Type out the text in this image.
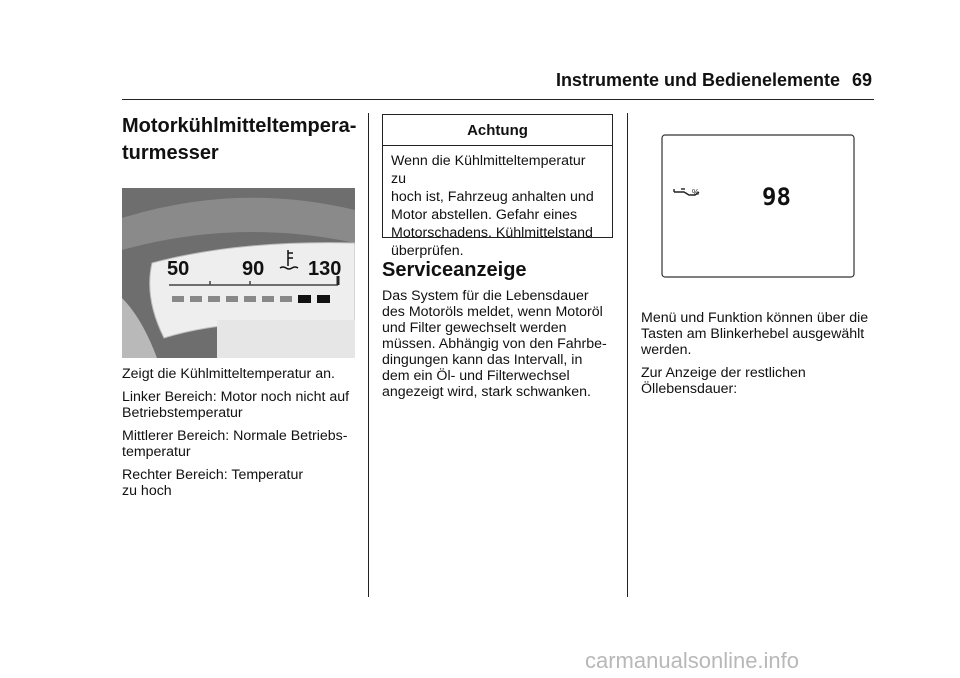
Instrumente und Bedienelemente 69
Motorkühlmitteltempera-
turmesser
50	90 130

Zeigt die Kühlmitteltemperatur an.

Linker Bereich: Motor noch nicht auf
Betriebstemperatur

Mittlerer Bereich: Normale Betriebs-
temperatur

Rechter Bereich: Temperatur
zu hoch

Achtung
Wenn die Kühlmitteltemperatur zu
hoch ist, Fahrzeug anhalten und
Motor abstellen. Gefahr eines
Motorschadens. Kühlmittelstand
überprüfen.
Serviceanzeige
Das System für die Lebensdauer
des Motoröls meldet, wenn Motoröl
und Filter gewechselt werden
müssen. Abhängig von den Fahrbe-
dingungen kann das Intervall, in
dem ein Öl- und Filterwechsel
angezeigt wird, stark schwanken.
%	98

Menü und Funktion können über die
Tasten am Blinkerhebel ausgewählt
werden.

Zur Anzeige der restlichen
Öllebensdauer:

carmanualsonline.info
